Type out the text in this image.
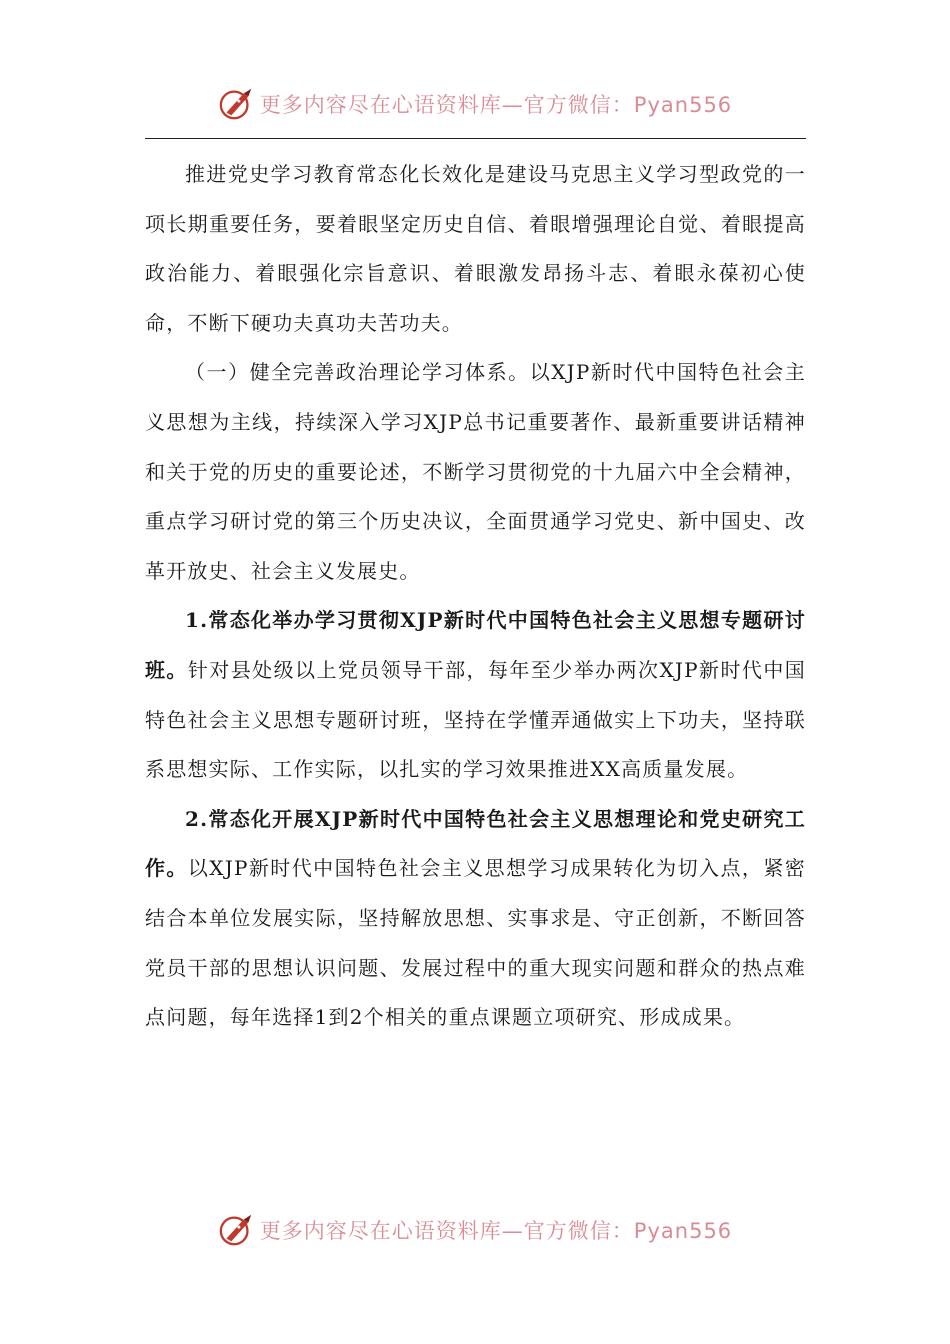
更多内容尽在心语资料库—官方微信：Pyan556

推进党史学习教育常态化长效化是建设马克思主义学习型政党的一项长期重要任务，要着眼坚定历史自信、着眼增强理论自觉、着眼提高政治能力、着眼强化宗旨意识、着眼激发昂扬斗志、着眼永葆初心使命，不断下硬功夫真功夫苦功夫。

（一）健全完善政治理论学习体系。以XJP新时代中国特色社会主义思想为主线，持续深入学习XJP总书记重要著作、最新重要讲话精神和关于党的历史的重要论述，不断学习贯彻党的十九届六中全会精神，重点学习研讨党的第三个历史决议，全面贯通学习党史、新中国史、改革开放史、社会主义发展史。

1.常态化举办学习贯彻XJP新时代中国特色社会主义思想专题研讨班。针对县处级以上党员领导干部，每年至少举办两次XJP新时代中国特色社会主义思想专题研讨班，坚持在学懂弄通做实上下功夫，坚持联系思想实际、工作实际，以扎实的学习效果推进XX高质量发展。

2.常态化开展XJP新时代中国特色社会主义思想理论和党史研究工作。以XJP新时代中国特色社会主义思想学习成果转化为切入点，紧密结合本单位发展实际，坚持解放思想、实事求是、守正创新，不断回答党员干部的思想认识问题、发展过程中的重大现实问题和群众的热点难点问题，每年选择1到2个相关的重点课题立项研究、形成成果。

更多内容尽在心语资料库—官方微信：Pyan556
